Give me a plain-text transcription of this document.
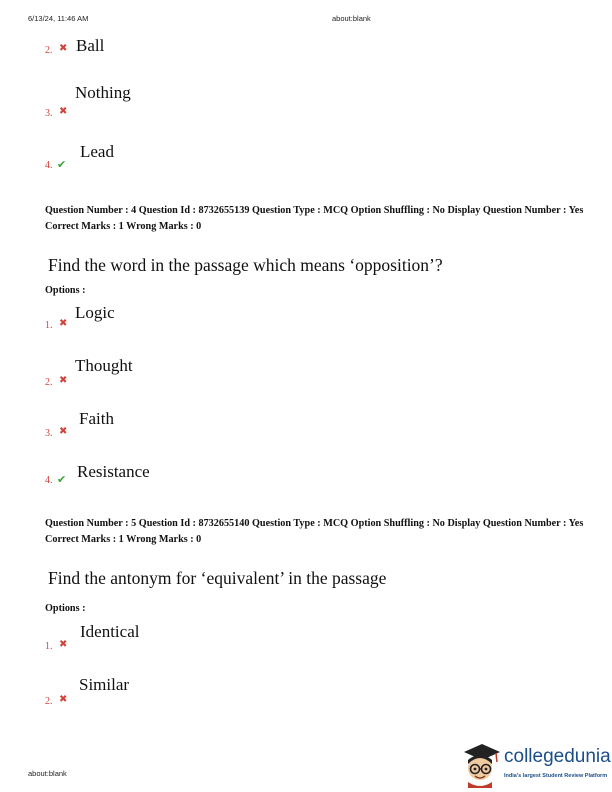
6/13/24, 11:46 AM	about:blank
2. ✖ Ball
3. ✖
Nothing
4. ✔
Lead
Question Number : 4 Question Id : 8732655139 Question Type : MCQ Option Shuffling : No Display Question Number : Yes
Correct Marks : 1 Wrong Marks : 0
Find the word in the passage which means ‘opposition’?
Options :
1. ✖
Logic
2. ✖
Thought
3. ✖
Faith
4. ✔ Resistance
Question Number : 5 Question Id : 8732655140 Question Type : MCQ Option Shuffling : No Display Question Number : Yes
Correct Marks : 1 Wrong Marks : 0
Find the antonym for ‘equivalent’ in the passage
Options :
1. ✖
Identical
2. ✖
Similar
about:blank
collegedunia
India's largest Student Review Platform
